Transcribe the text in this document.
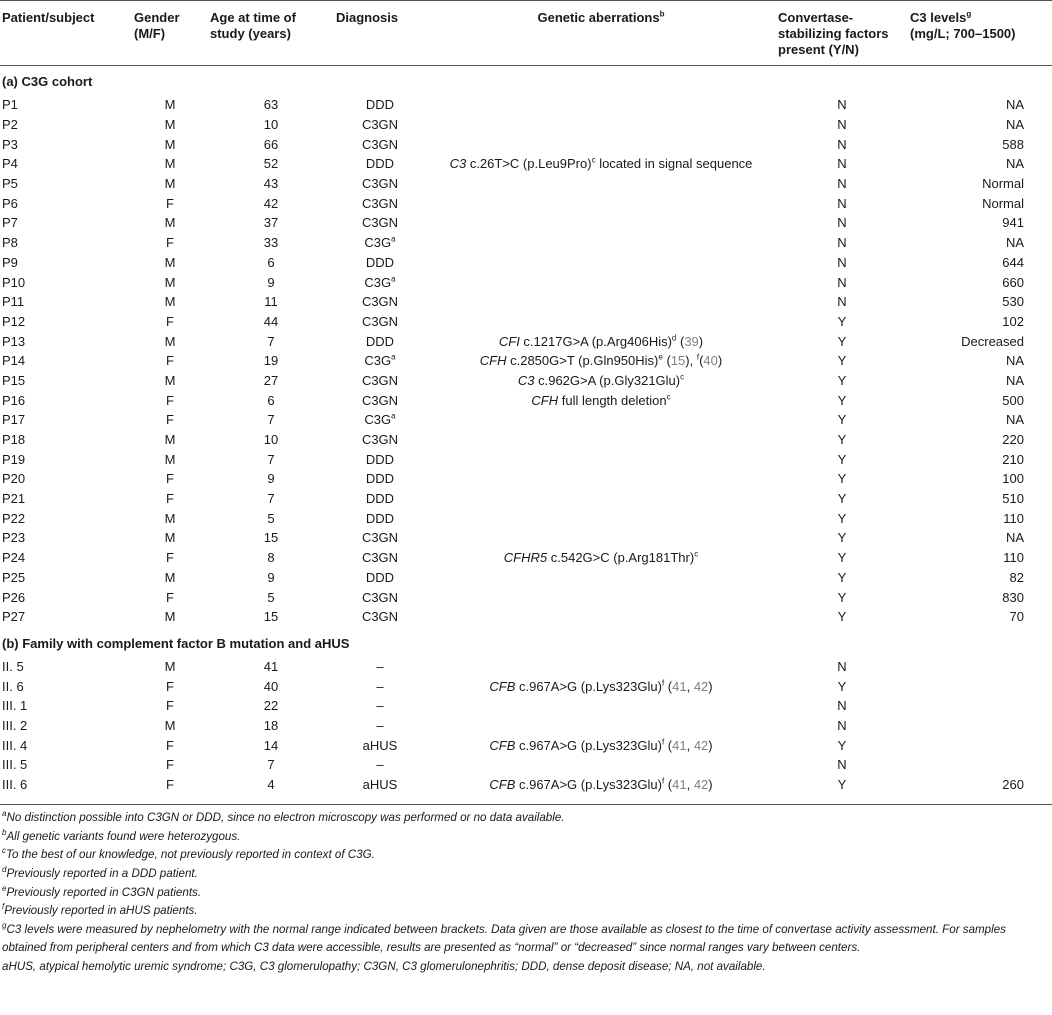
Patient/subject	Gender (M/F)	Age at time of study (years)	Diagnosis	Genetic aberrations$^b$	Convertase-stabilizing factors present (Y/N)	C3 levels$^g$
(mg/L; 700–1500)
(a) C3G cohort						
P1	M	63	DDD		N	NA
P2	M	10	C3GN		N	NA
P3	M	66	C3GN		N	588
P4	M	52	DDD	C3 c.26T>C $(p.Leu9Pro)^c$ located in signal sequence	N	NA
P5	M	43	C3GN		N	Normal
P6	F	42	C3GN		N	Normal
P7	M	37	C3GN		N	941
P8	F	33	$C3G^a$		N	NA
P9	M	6	DDD		N	644
P10	M	9	$C3G^a$		N	660
P11	M	11	C3GN		N	530
P12	F	44	C3GN		Y	102
P13	M	7	DDD	CFI c.1217G>A $(p.Arg406His)^d$ (39)	Y	Decreased
P14	F	19	$C3G^a$	CFH c.2850G>T $(p.Gln950His)^e$ (15), $^f$(40)	Y	NA
P15	M	27	C3GN	C3 c.962G>A $(p.Gly321Glu)^c$	Y	NA
P16	F	6	C3GN	CFH full length deletion$^c$	Y	500
P17	F	7	$C3G^a$		Y	NA
P18	M	10	C3GN		Y	220
P19	M	7	DDD		Y	210
P20	F	9	DDD		Y	100
P21	F	7	DDD		Y	510
P22	M	5	DDD		Y	110
P23	M	15	C3GN		Y	NA
P24	F	8	C3GN	CFHR5 c.542G>C $(p.Arg181Thr)^c$	Y	110
P25	M	9	DDD		Y	82
P26	F	5	C3GN		Y	830
P27	M	15	C3GN		Y	70
(b) Family with complement factor B mutation and aHUS						
II. 5	M	41	–		N	
II. 6	F	40	–	CFB c.967A>G $(p.Lys323Glu)^f$ (41, 42)	Y	
III. 1	F	22	–		N	
III. 2	M	18	–		N	
III. 4	F	14	aHUS	CFB c.967A>G $(p.Lys323Glu)^f$ (41, 42)	Y	
III. 5	F	7	–		N	
III. 6	F	4	aHUS	CFB c.967A>G $(p.Lys323Glu)^f$ (41, 42)	Y	260
$^a$No distinction possible into C3GN or DDD, since no electron microscopy was performed or no data available.
$^b$All genetic variants found were heterozygous.
$^c$To the best of our knowledge, not previously reported in context of C3G.
$^d$Previously reported in a DDD patient.
$^e$Previously reported in C3GN patients.
$^f$Previously reported in aHUS patients.
$^g$C3 levels were measured by nephelometry with the normal range indicated between brackets. Data given are those available as closest to the time of convertase activity assessment. For samples obtained from peripheral centers and from which C3 data were accessible, results are presented as “normal” or “decreased” since normal ranges vary between centers.
aHUS, atypical hemolytic uremic syndrome; C3G, C3 glomerulopathy; C3GN, C3 glomerulonephritis; DDD, dense deposit disease; NA, not available.
